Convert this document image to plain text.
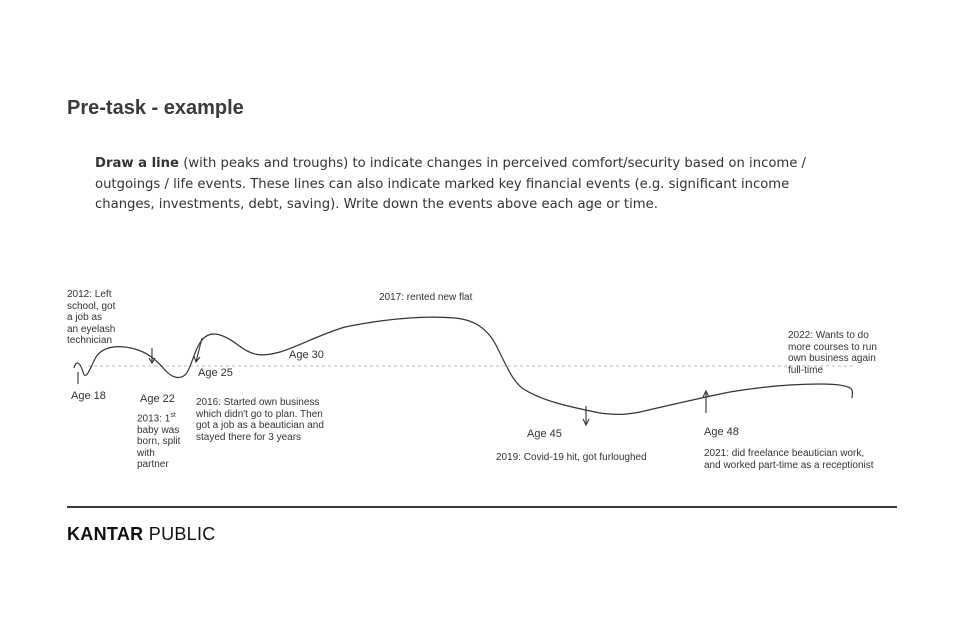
Pre-task - example
Draw a line (with peaks and troughs) to indicate changes in perceived comfort/security based on income / outgoings / life events. These lines can also indicate marked key financial events (e.g. significant income changes, investments, debt, saving). Write down the events above each age or time.
2012: Left
school, got
a job as
an eyelash
technician
2013: 1st
baby was
born, split
with
partner
2016: Started own business
which didn't go to plan. Then
got a job as a beautician and
stayed there for 3 years
2017: rented new flat
2019: Covid-19 hit, got furloughed	2021: did freelance beautician work,
and worked part-time as a receptionist
2022: Wants to do
more courses to run
own business again
full-time
Age 18	Age 22
Age 25
Age 30
Age 45	Age 48
KANTAR PUBLIC
